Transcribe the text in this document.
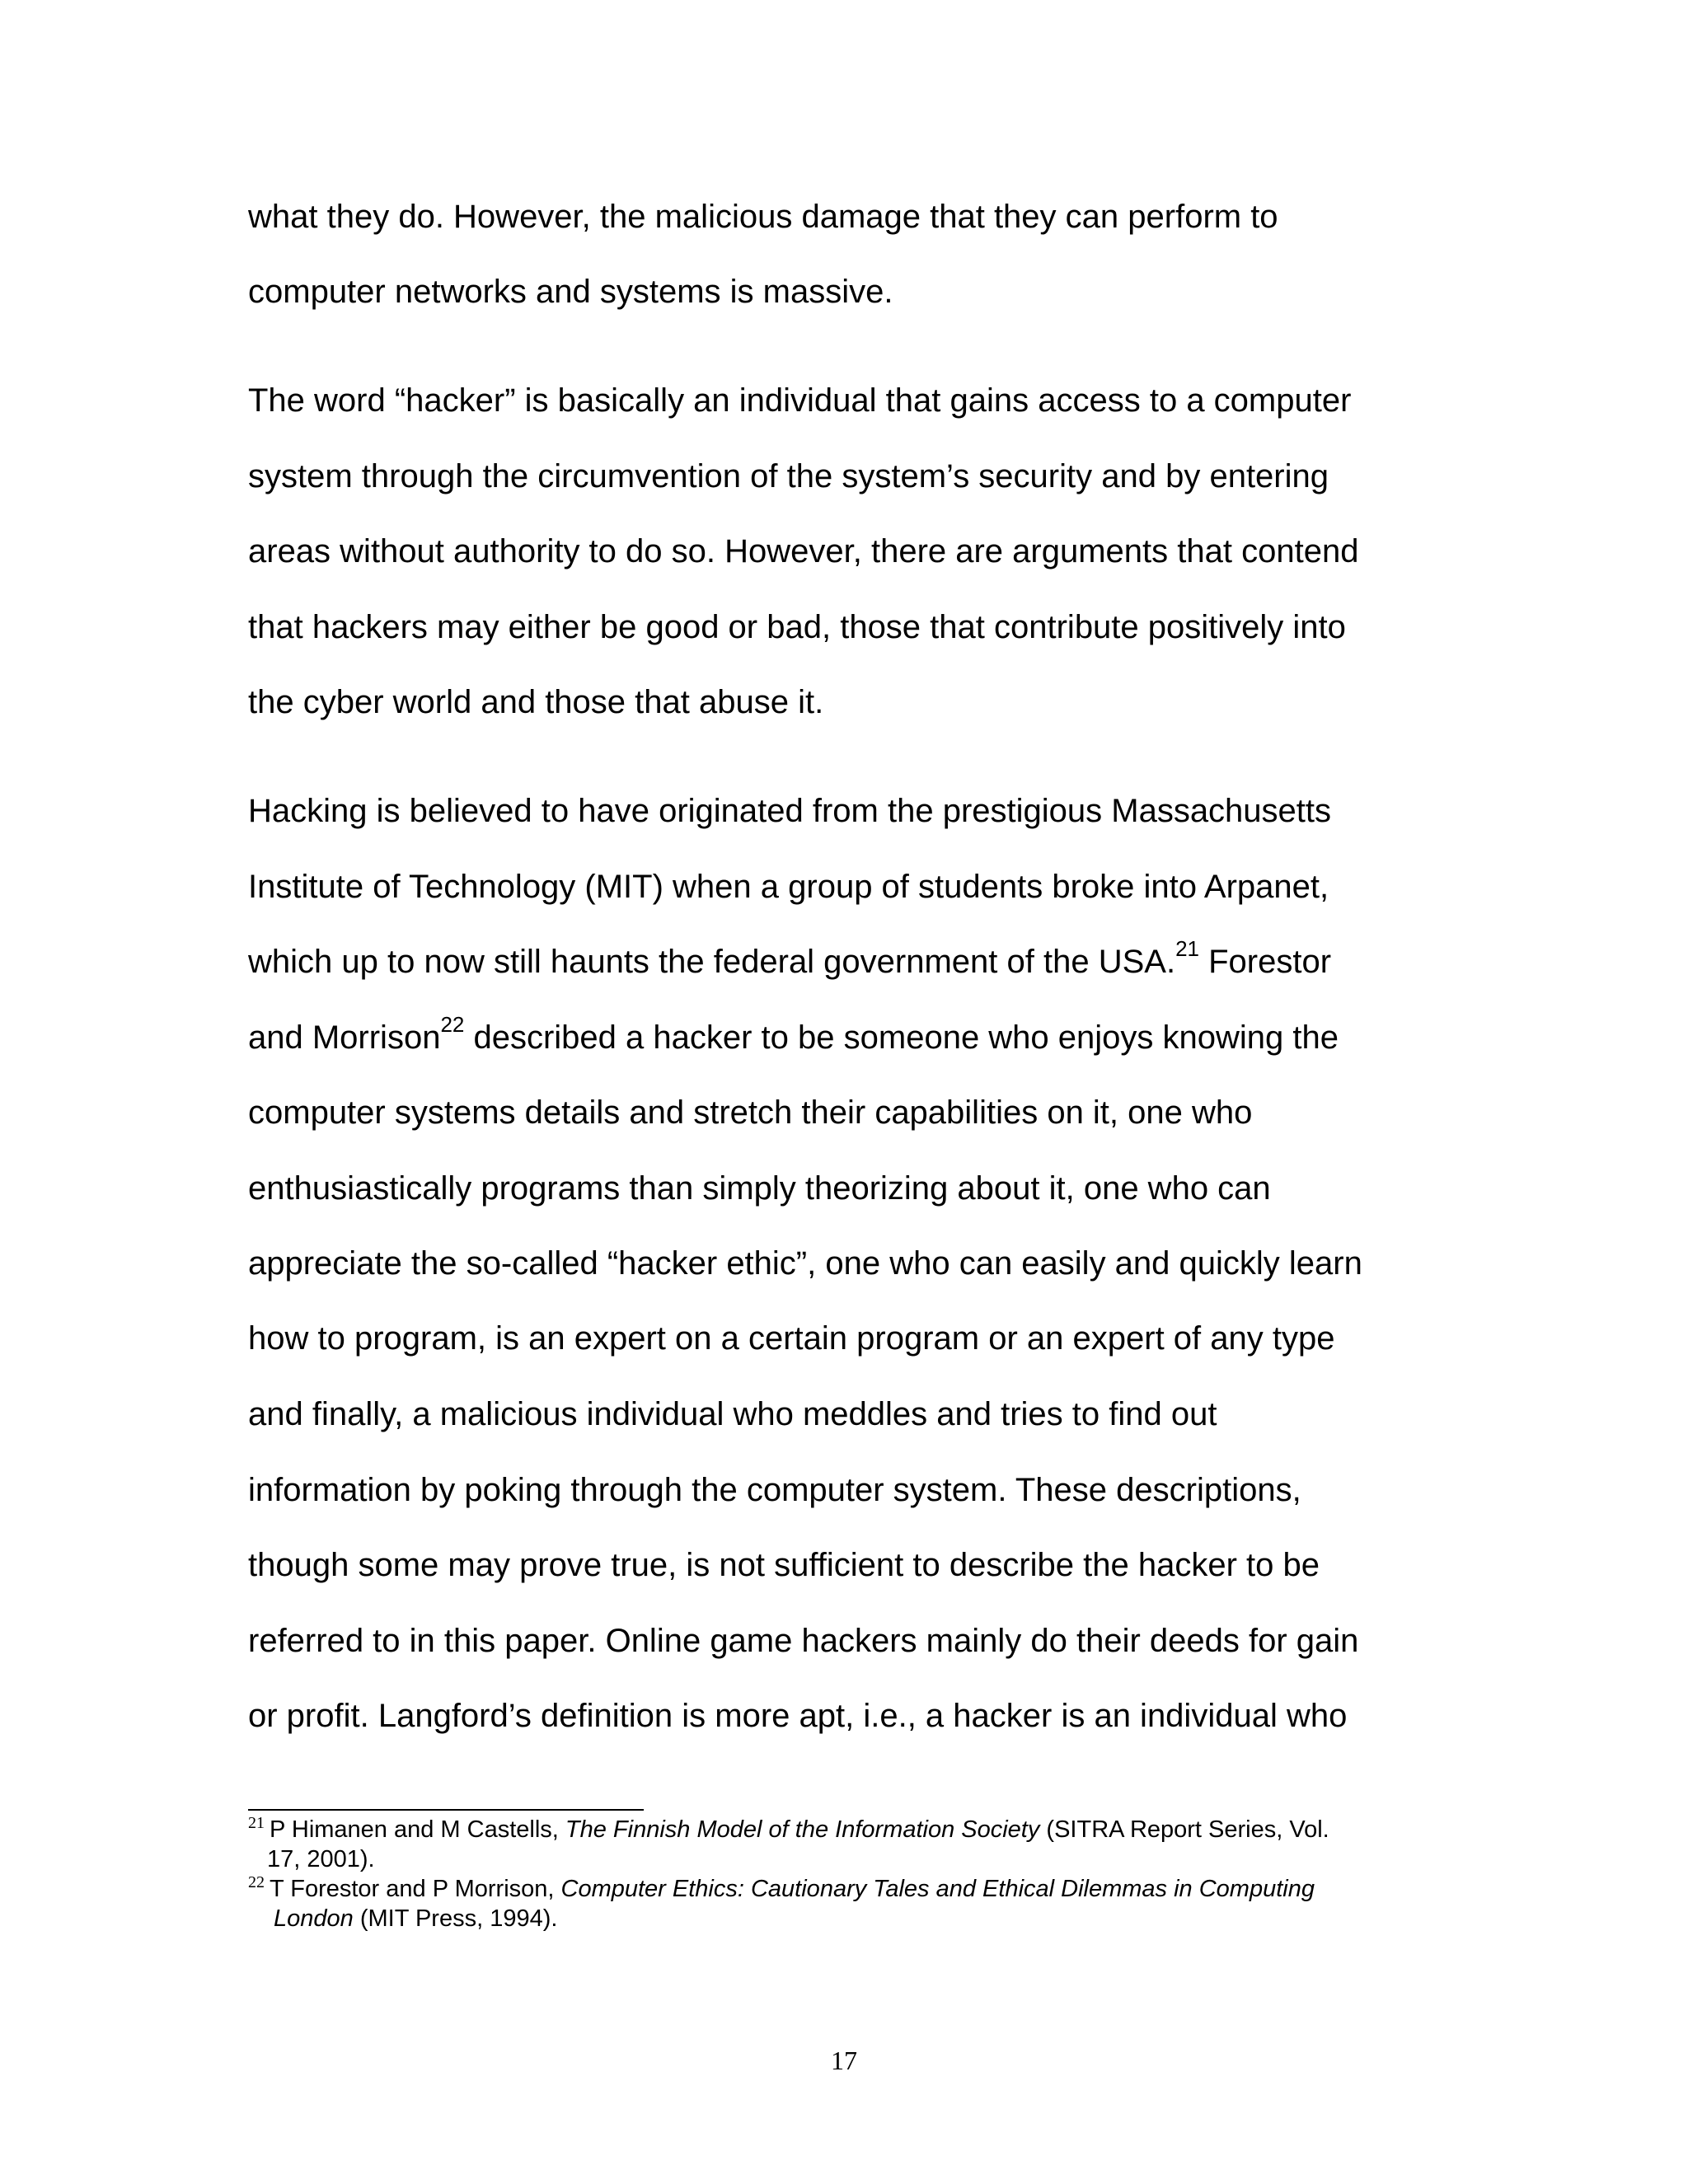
what they do. However, the malicious damage that they can perform to

computer networks and systems is massive.

The word “hacker” is basically an individual that gains access to a computer

system through the circumvention of the system’s security and by entering

areas without authority to do so. However, there are arguments that contend

that hackers may either be good or bad, those that contribute positively into

the cyber world and those that abuse it.

Hacking is believed to have originated from the prestigious Massachusetts

Institute of Technology (MIT) when a group of students broke into Arpanet,

which up to now still haunts the federal government of the USA.$^{21}$ Forestor

and Morrison$^{22}$ described a hacker to be someone who enjoys knowing the

computer systems details and stretch their capabilities on it, one who

enthusiastically programs than simply theorizing about it, one who can

appreciate the so-called “hacker ethic”, one who can easily and quickly learn

how to program, is an expert on a certain program or an expert of any type

and finally, a malicious individual who meddles and tries to find out

information by poking through the computer system. These descriptions,

though some may prove true, is not sufficient to describe the hacker to be

referred to in this paper. Online game hackers mainly do their deeds for gain

or profit. Langford’s definition is more apt, i.e., a hacker is an individual who

$^{21}$ P Himanen and M Castells, The Finnish Model of the Information Society (SITRA Report Series, Vol.
17, 2001).
$^{22}$ T Forestor and P Morrison, Computer Ethics: Cautionary Tales and Ethical Dilemmas in Computing
London (MIT Press, 1994).
17
